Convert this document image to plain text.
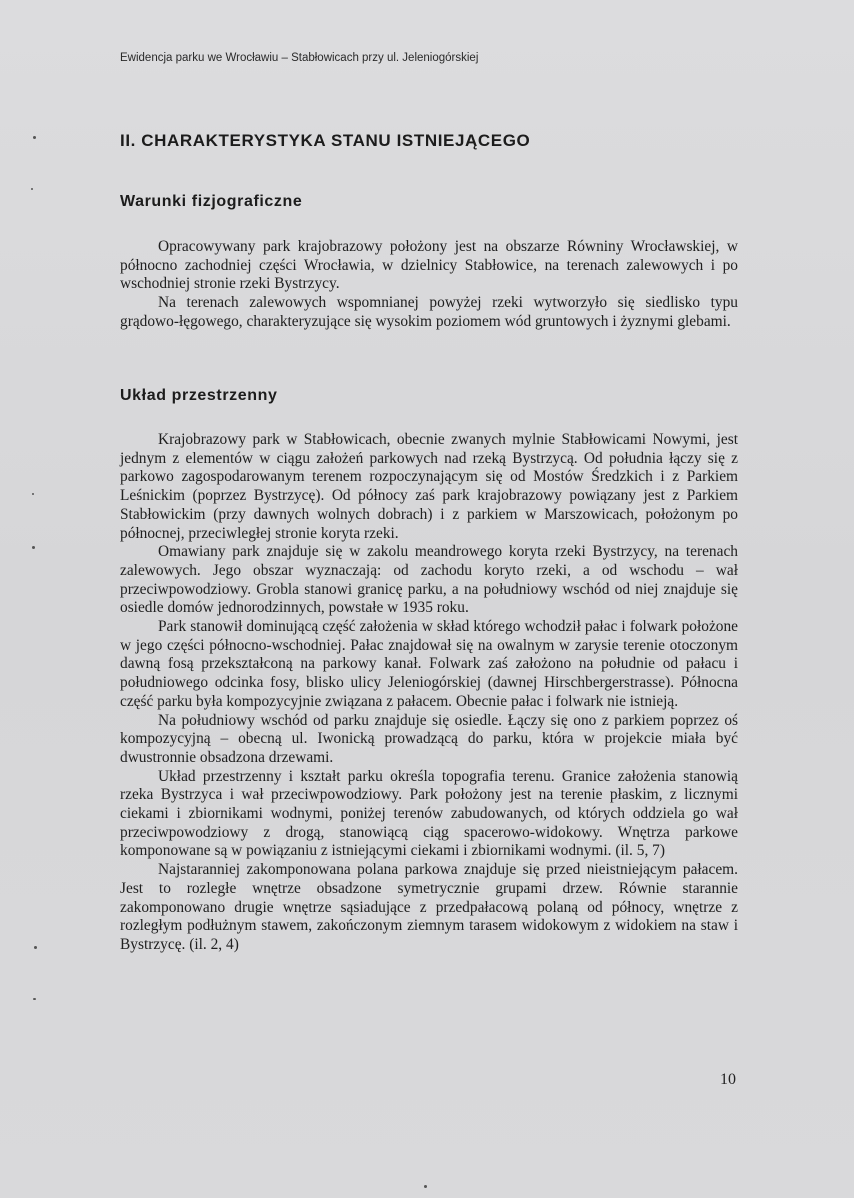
Ewidencja parku we Wrocławiu – Stabłowicach przy ul. Jeleniogórskiej
II. CHARAKTERYSTYKA STANU ISTNIEJĄCEGO
Warunki fizjograficzne

Opracowywany park krajobrazowy położony jest na obszarze Równiny Wrocławskiej, w północno zachodniej części Wrocławia, w dzielnicy Stabłowice, na terenach zalewowych i po wschodniej stronie rzeki Bystrzycy.

Na terenach zalewowych wspomnianej powyżej rzeki wytworzyło się siedlisko typu grądowo-łęgowego, charakteryzujące się wysokim poziomem wód gruntowych i żyznymi glebami.

Układ przestrzenny

Krajobrazowy park w Stabłowicach, obecnie zwanych mylnie Stabłowicami Nowymi, jest jednym z elementów w ciągu założeń parkowych nad rzeką Bystrzycą. Od południa łączy się z parkowo zagospodarowanym terenem rozpoczynającym się od Mostów Średzkich i z Parkiem Leśnickim (poprzez Bystrzycę). Od północy zaś park krajobrazowy powiązany jest z Parkiem Stabłowickim (przy dawnych wolnych dobrach) i z parkiem w Marszowicach, położonym po północnej, przeciwległej stronie koryta rzeki.

Omawiany park znajduje się w zakolu meandrowego koryta rzeki Bystrzycy, na terenach zalewowych. Jego obszar wyznaczają: od zachodu koryto rzeki, a od wschodu – wał przeciwpowodziowy. Grobla stanowi granicę parku, a na południowy wschód od niej znajduje się osiedle domów jednorodzinnych, powstałe w 1935 roku.

Park stanowił dominującą część założenia w skład którego wchodził pałac i folwark położone w jego części północno-wschodniej. Pałac znajdował się na owalnym w zarysie terenie otoczonym dawną fosą przekształconą na parkowy kanał. Folwark zaś założono na południe od pałacu i południowego odcinka fosy, blisko ulicy Jeleniogórskiej (dawnej Hirschbergerstrasse). Północna część parku była kompozycyjnie związana z pałacem. Obecnie pałac i folwark nie istnieją.

Na południowy wschód od parku znajduje się osiedle. Łączy się ono z parkiem poprzez oś kompozycyjną – obecną ul. Iwonicką prowadzącą do parku, która w projekcie miała być dwustronnie obsadzona drzewami.

Układ przestrzenny i kształt parku określa topografia terenu. Granice założenia stanowią rzeka Bystrzyca i wał przeciwpowodziowy. Park położony jest na terenie płaskim, z licznymi ciekami i zbiornikami wodnymi, poniżej terenów zabudowanych, od których oddziela go wał przeciwpowodziowy z drogą, stanowiącą ciąg spacerowo-widokowy. Wnętrza parkowe komponowane są w powiązaniu z istniejącymi ciekami i zbiornikami wodnymi. (il. 5, 7)

Najstaranniej zakomponowana polana parkowa znajduje się przed nieistniejącym pałacem. Jest to rozległe wnętrze obsadzone symetrycznie grupami drzew. Równie starannie zakomponowano drugie wnętrze sąsiadujące z przedpałacową polaną od północy, wnętrze z rozległym podłużnym stawem, zakończonym ziemnym tarasem widokowym z widokiem na staw i Bystrzycę. (il. 2, 4)

10
